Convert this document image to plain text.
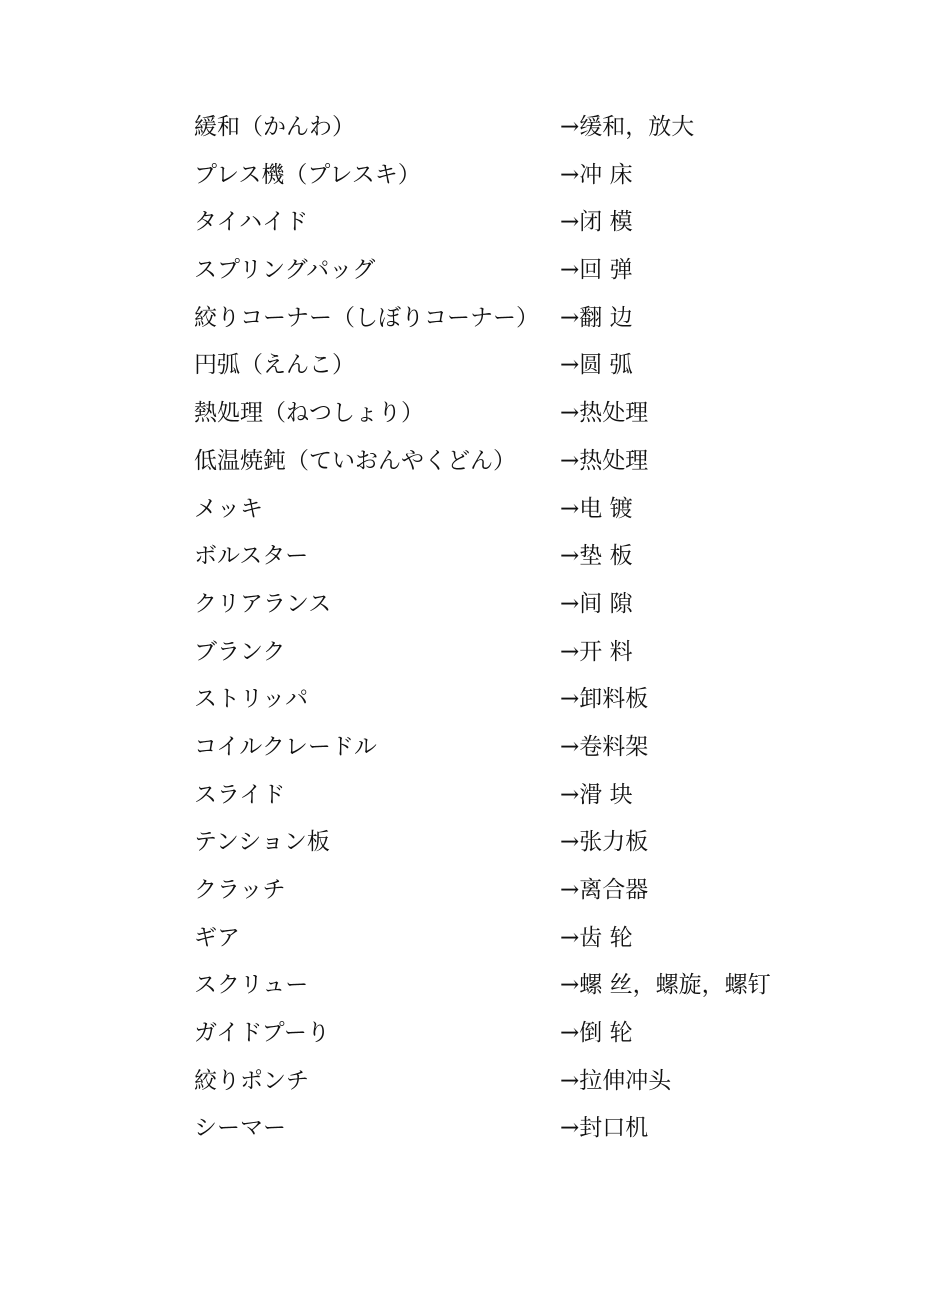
緩和（かんわ）	→缓和，放大
プレス機（プレスキ）	→冲 床
タイハイド	→闭 模
スプリングパッグ	→回 弹
絞りコーナー（しぼりコーナー） →翻 边
円弧（えんこ）	→圆 弧
熱処理（ねつしょり）	→热处理
低温焼鈍（ていおんやくどん） →热处理
メッキ	→电 镀
ボルスター	→垫 板
クリアランス	→间 隙
ブランク	→开 料
ストリッパ	→卸料板
コイルクレードル	→卷料架
スライド	→滑 块
テンション板	→张力板
クラッチ	→离合器
ギア	→齿 轮
スクリュー	→螺 丝，螺旋，螺钉
ガイドプーり	→倒 轮
絞りポンチ	→拉伸冲头
シーマー	→封口机
